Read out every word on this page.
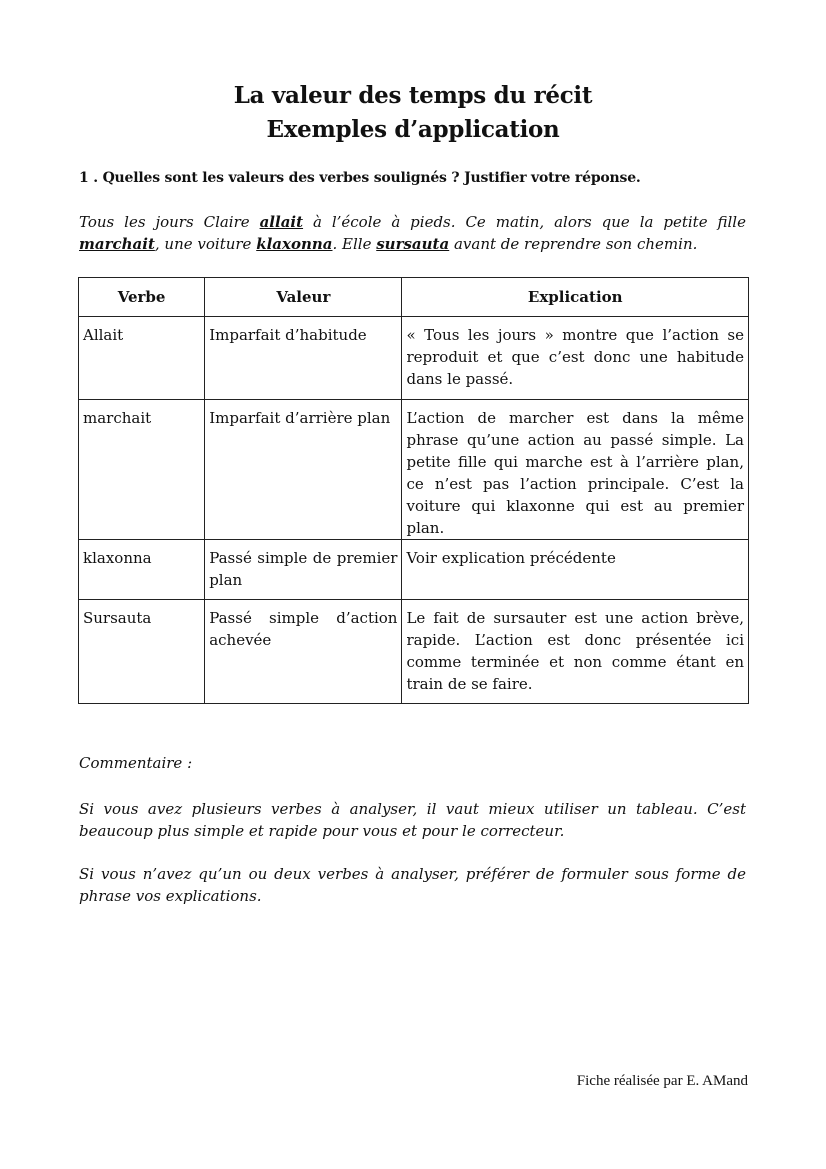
La valeur des temps du récit
Exemples d’application
1 . Quelles sont les valeurs des verbes soulignés ? Justifier votre réponse.
Tous les jours Claire allait à l’école à pieds. Ce matin, alors que la petite fille marchait, une voiture klaxonna. Elle sursauta avant de reprendre son chemin.
Verbe	Valeur	Explication
Allait	Imparfait d’habitude	« Tous les jours » montre que l’action se reproduit et que c’est donc une habitude dans le passé.
marchait	Imparfait d’arrière plan	L’action de marcher est dans la même phrase qu’une action au passé simple. La petite fille qui marche est à l’arrière plan, ce n’est pas l’action principale. C’est la voiture qui klaxonne qui est au premier plan.
klaxonna	Passé simple de premier plan	Voir explication précédente
Sursauta	Passé simple d’action achevée	Le fait de sursauter est une action brève, rapide. L’action est donc présentée ici comme terminée et non comme étant en train de se faire.
Commentaire :
Si vous avez plusieurs verbes à analyser, il vaut mieux utiliser un tableau. C’est beaucoup plus simple et rapide pour vous et pour le correcteur.
Si vous n’avez qu’un ou deux verbes à analyser, préférer de formuler sous forme de phrase vos explications.
Fiche réalisée par E. AMand
